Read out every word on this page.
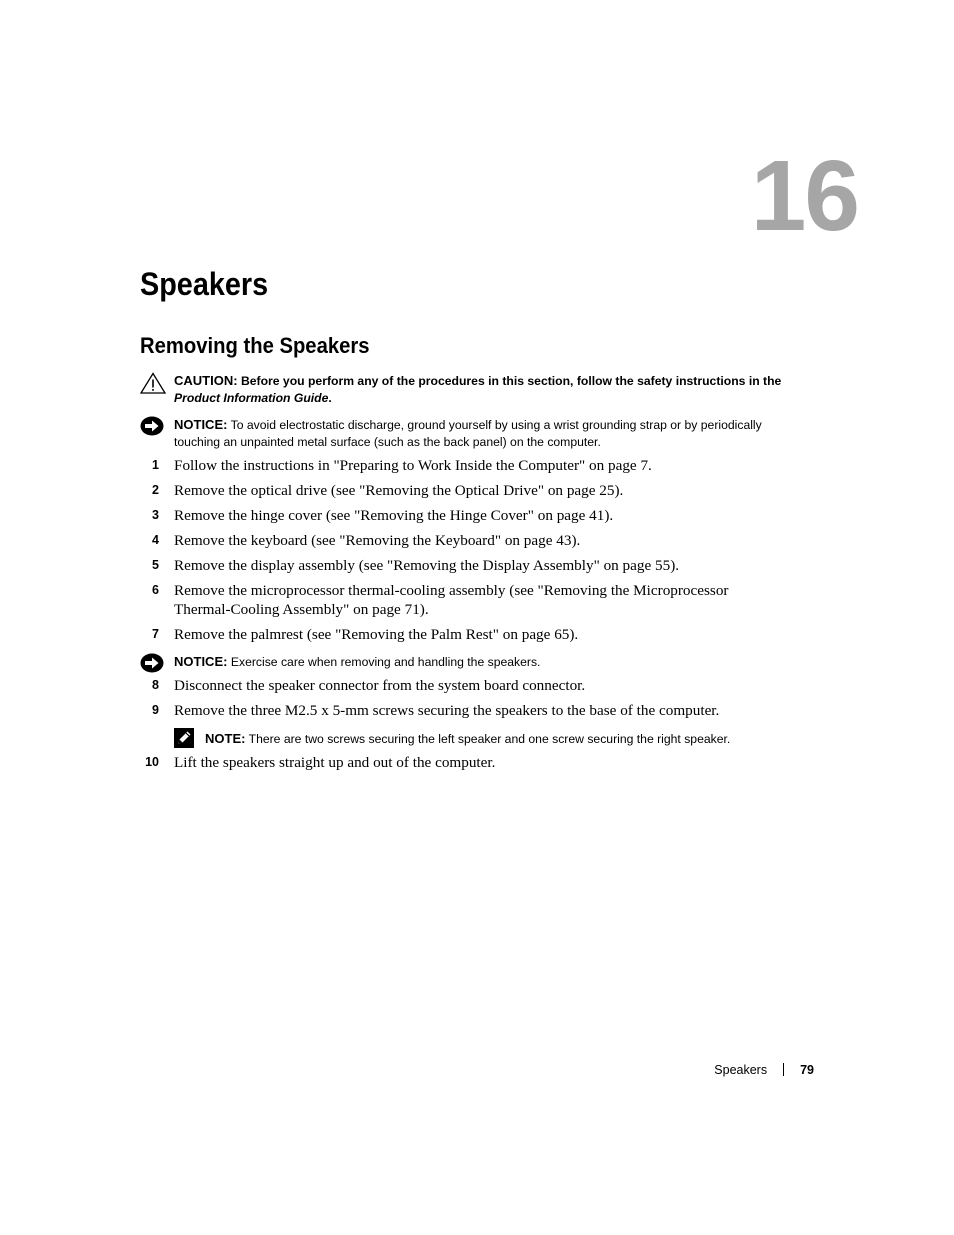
16
Speakers
Removing the Speakers
CAUTION: Before you perform any of the procedures in this section, follow the safety instructions in the
Product Information Guide.
NOTICE: To avoid electrostatic discharge, ground yourself by using a wrist grounding strap or by periodically touching an unpainted metal surface (such as the back panel) on the computer.
1 Follow the instructions in "Preparing to Work Inside the Computer" on page 7.
2 Remove the optical drive (see "Removing the Optical Drive" on page 25).
3 Remove the hinge cover (see "Removing the Hinge Cover" on page 41).
4 Remove the keyboard (see "Removing the Keyboard" on page 43).
5 Remove the display assembly (see "Removing the Display Assembly" on page 55).
6 Remove the microprocessor thermal-cooling assembly (see "Removing the Microprocessor Thermal-Cooling Assembly" on page 71).
7 Remove the palmrest (see "Removing the Palm Rest" on page 65).
NOTICE: Exercise care when removing and handling the speakers.
8 Disconnect the speaker connector from the system board connector.
9 Remove the three M2.5 x 5-mm screws securing the speakers to the base of the computer.
NOTE: There are two screws securing the left speaker and one screw securing the right speaker.
10 Lift the speakers straight up and out of the computer.
Speakers	79
